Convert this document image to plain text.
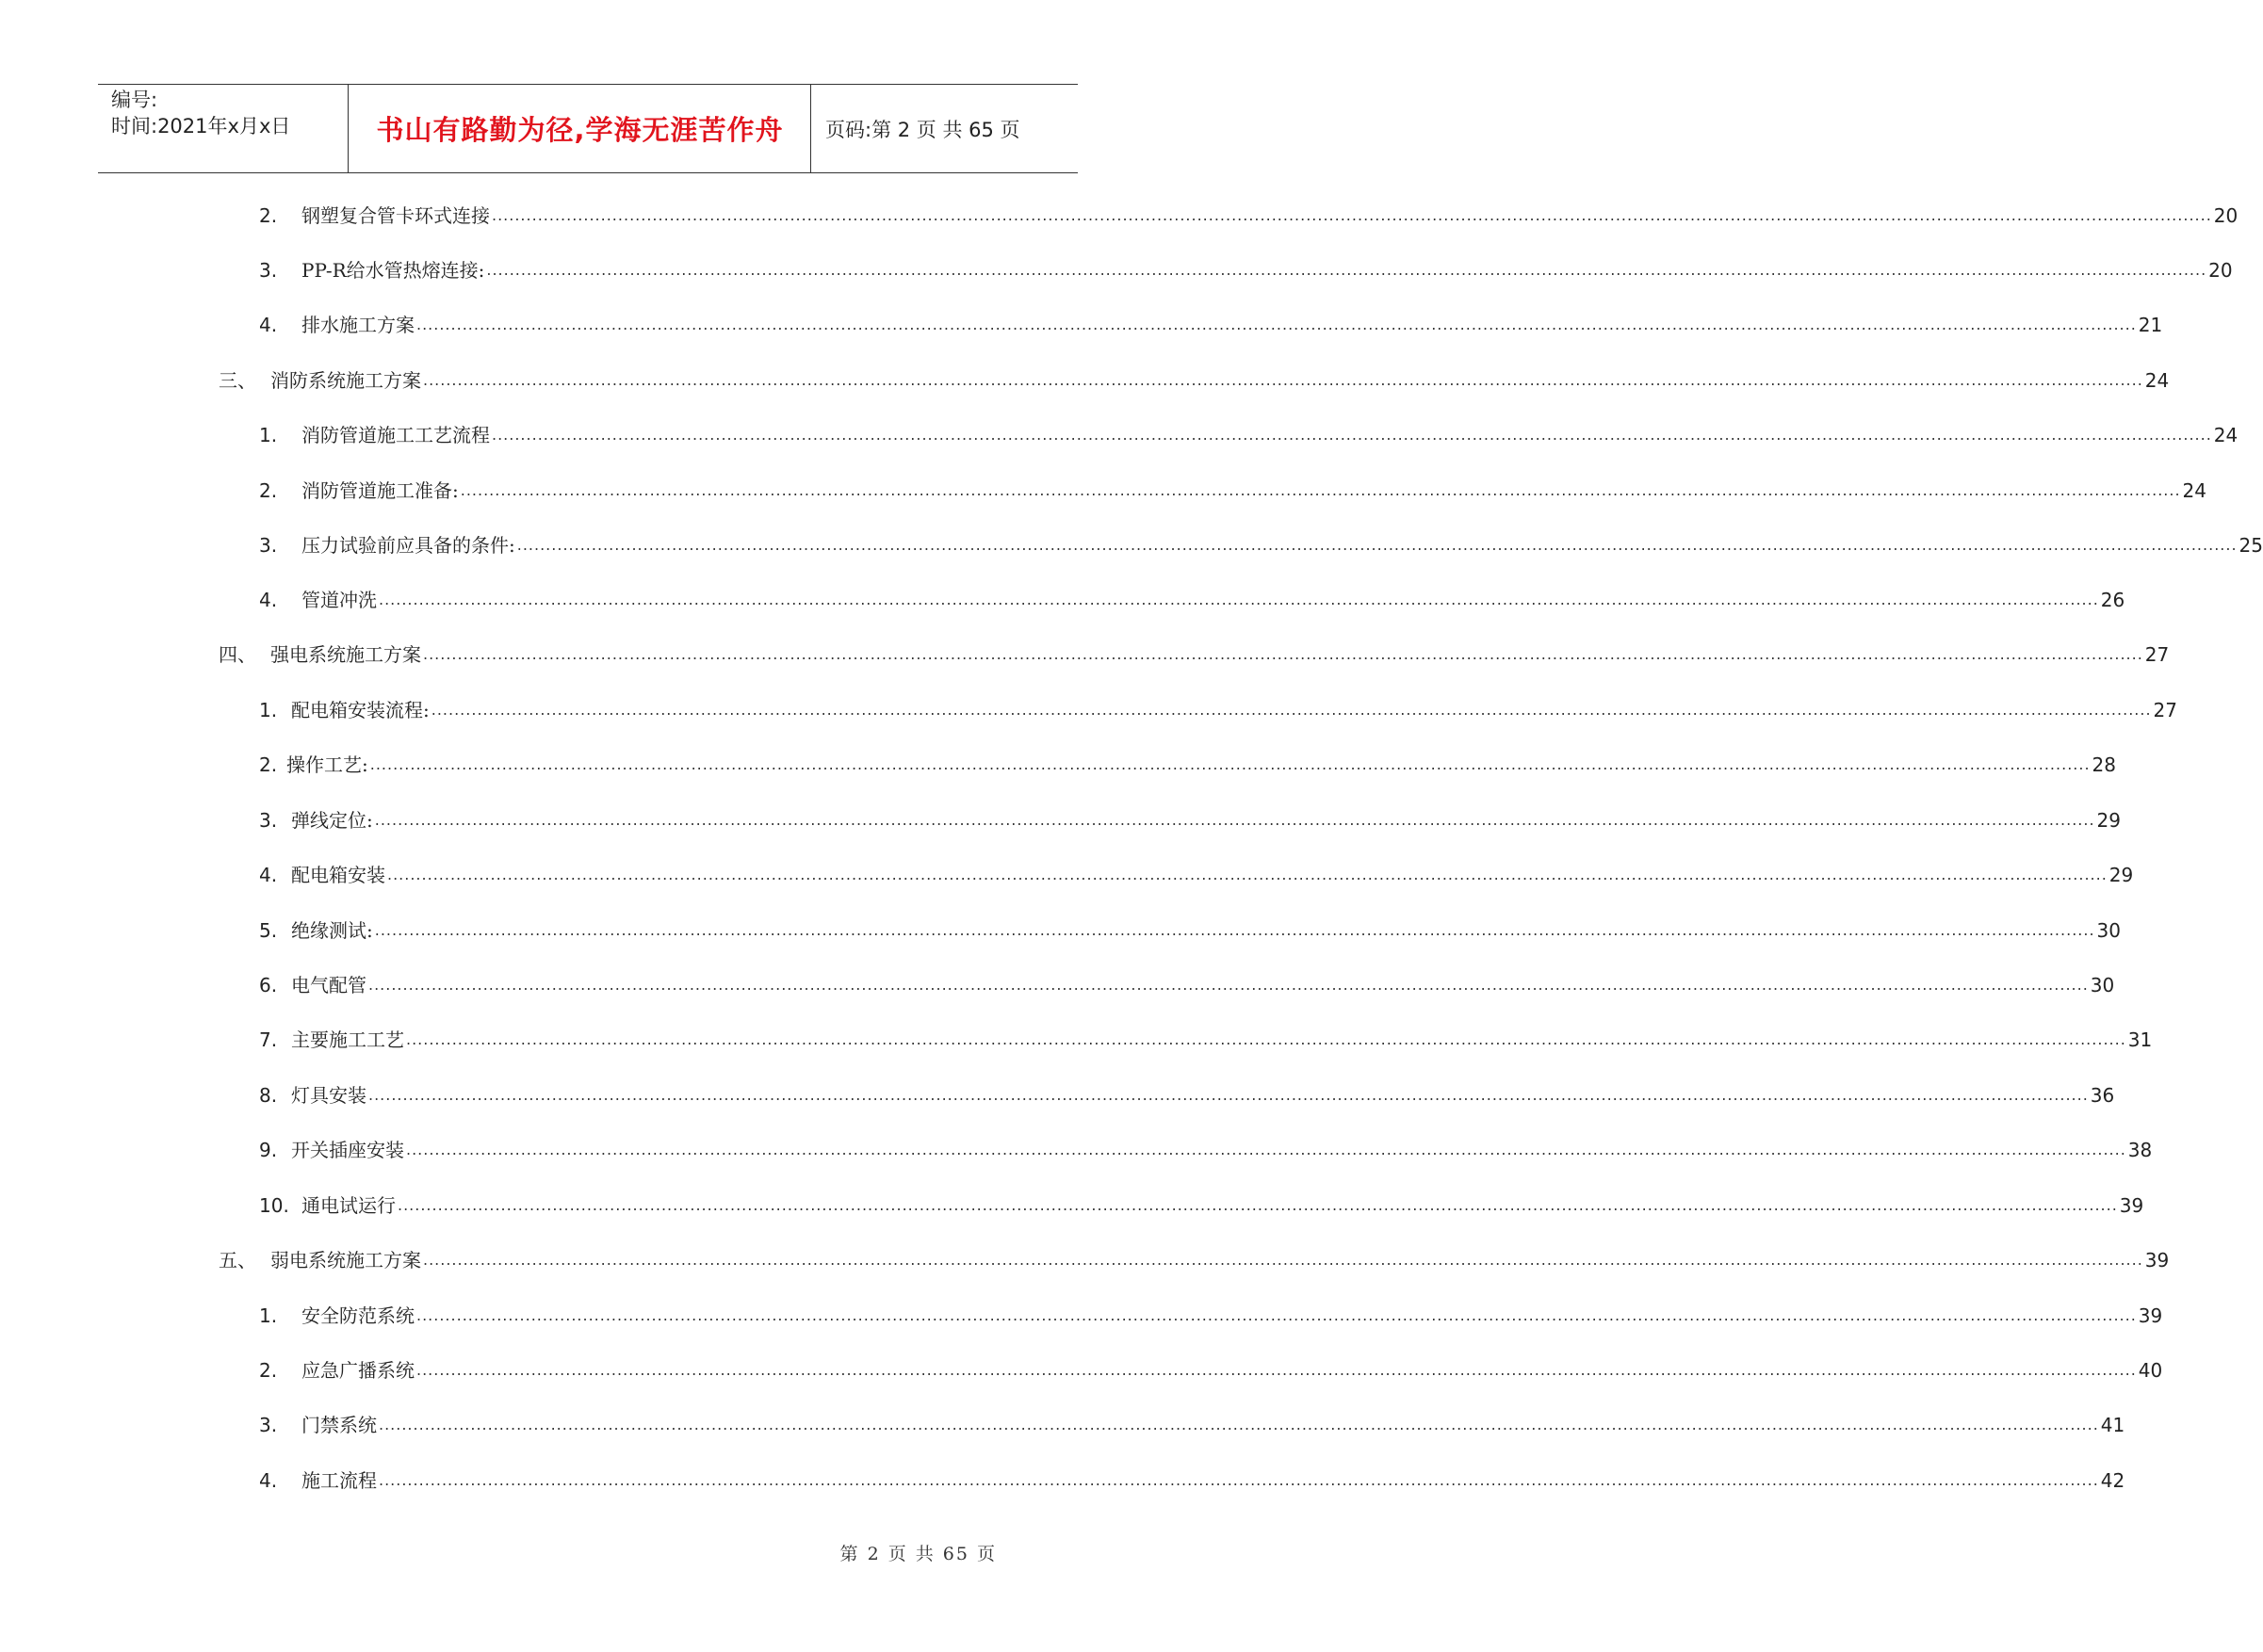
编号:
时间:2021年x月x日	书山有路勤为径,学海无涯苦作舟	页码:第 2 页 共 65 页
2.	钢塑复合管卡环式连接 ............................................................................................................................................................................................................................................................................................................ 20
3.	PP-R给水管热熔连接: ............................................................................................................................................................................................................................................................................................................ 20
4.	排水施工方案 ............................................................................................................................................................................................................................................................................................................ 21
三、 消防系统施工方案 ............................................................................................................................................................................................................................................................................................................ 24
1.	消防管道施工工艺流程 ............................................................................................................................................................................................................................................................................................................ 24
2.	消防管道施工准备: ............................................................................................................................................................................................................................................................................................................ 24
3.	压力试验前应具备的条件: ............................................................................................................................................................................................................................................................................................................ 25
4.	管道冲洗 ............................................................................................................................................................................................................................................................................................................ 26
四、 强电系统施工方案 ............................................................................................................................................................................................................................................................................................................ 27
1. 配电箱安装流程: ............................................................................................................................................................................................................................................................................................................ 27
2. 操作工艺: ............................................................................................................................................................................................................................................................................................................ 28
3. 弹线定位: ............................................................................................................................................................................................................................................................................................................ 29
4. 配电箱安装 ............................................................................................................................................................................................................................................................................................................ 29
5. 绝缘测试: ............................................................................................................................................................................................................................................................................................................ 30
6. 电气配管 ............................................................................................................................................................................................................................................................................................................ 30
7. 主要施工工艺 ............................................................................................................................................................................................................................................................................................................ 31
8. 灯具安装 ............................................................................................................................................................................................................................................................................................................ 36
9. 开关插座安装 ............................................................................................................................................................................................................................................................................................................ 38
10. 通电试运行 ............................................................................................................................................................................................................................................................................................................ 39
五、 弱电系统施工方案 ............................................................................................................................................................................................................................................................................................................ 39
1.	安全防范系统 ............................................................................................................................................................................................................................................................................................................ 39
2.	应急广播系统 ............................................................................................................................................................................................................................................................................................................ 40
3.	门禁系统 ............................................................................................................................................................................................................................................................................................................ 41
4.	施工流程 ............................................................................................................................................................................................................................................................................................................ 42
第 2 页 共 65 页
